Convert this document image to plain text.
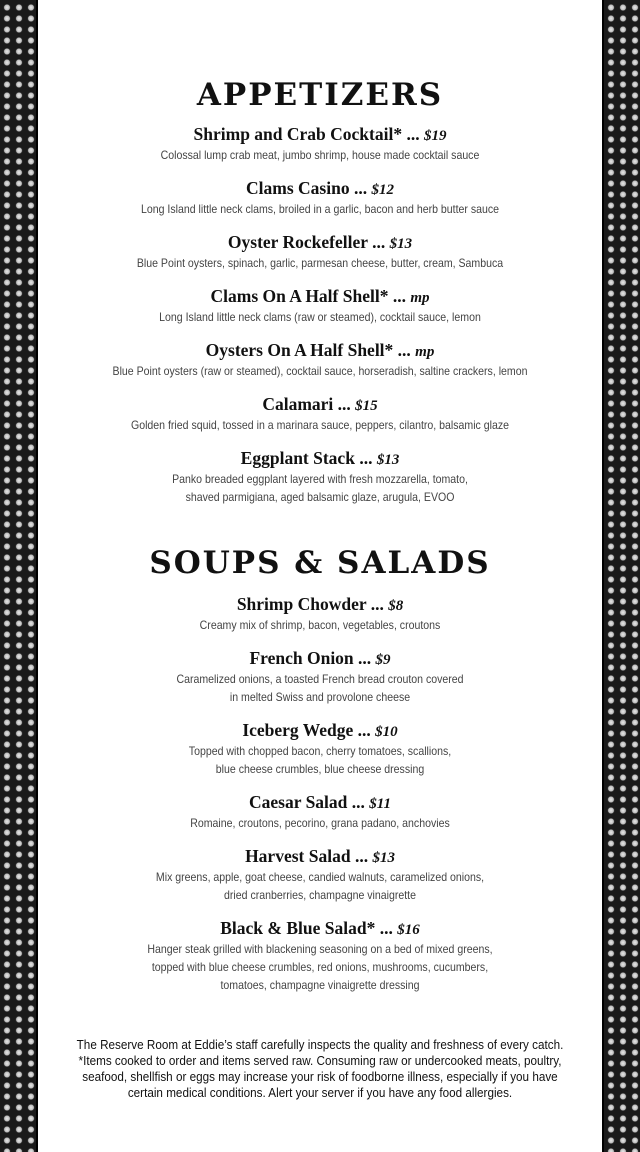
APPETIZERS
Shrimp and Crab Cocktail* ... $19
Colossal lump crab meat, jumbo shrimp, house made cocktail sauce
Clams Casino ... $12
Long Island little neck clams, broiled in a garlic, bacon and herb butter sauce
Oyster Rockefeller ... $13
Blue Point oysters, spinach, garlic, parmesan cheese, butter, cream, Sambuca
Clams On A Half Shell* ... mp
Long Island little neck clams (raw or steamed), cocktail sauce, lemon
Oysters On A Half Shell* ... mp
Blue Point oysters (raw or steamed), cocktail sauce, horseradish, saltine crackers, lemon
Calamari ... $15
Golden fried squid, tossed in a marinara sauce, peppers, cilantro, balsamic glaze
Eggplant Stack ... $13
Panko breaded eggplant layered with fresh mozzarella, tomato,
shaved parmigiana, aged balsamic glaze, arugula, EVOO
SOUPS & SALADS
Shrimp Chowder ... $8
Creamy mix of shrimp, bacon, vegetables, croutons
French Onion ... $9
Caramelized onions, a toasted French bread crouton covered
in melted Swiss and provolone cheese
Iceberg Wedge ... $10
Topped with chopped bacon, cherry tomatoes, scallions,
blue cheese crumbles, blue cheese dressing
Caesar Salad ... $11
Romaine, croutons, pecorino, grana padano, anchovies
Harvest Salad ... $13
Mix greens, apple, goat cheese, candied walnuts, caramelized onions,
dried cranberries, champagne vinaigrette
Black & Blue Salad* ... $16
Hanger steak grilled with blackening seasoning on a bed of mixed greens,
topped with blue cheese crumbles, red onions, mushrooms, cucumbers,
tomatoes, champagne vinaigrette dressing
The Reserve Room at Eddie’s staff carefully inspects the quality and freshness of every catch.
*Items cooked to order and items served raw. Consuming raw or undercooked meats, poultry,
seafood, shellfish or eggs may increase your risk of foodborne illness, especially if you have
certain medical conditions. Alert your server if you have any food allergies.
